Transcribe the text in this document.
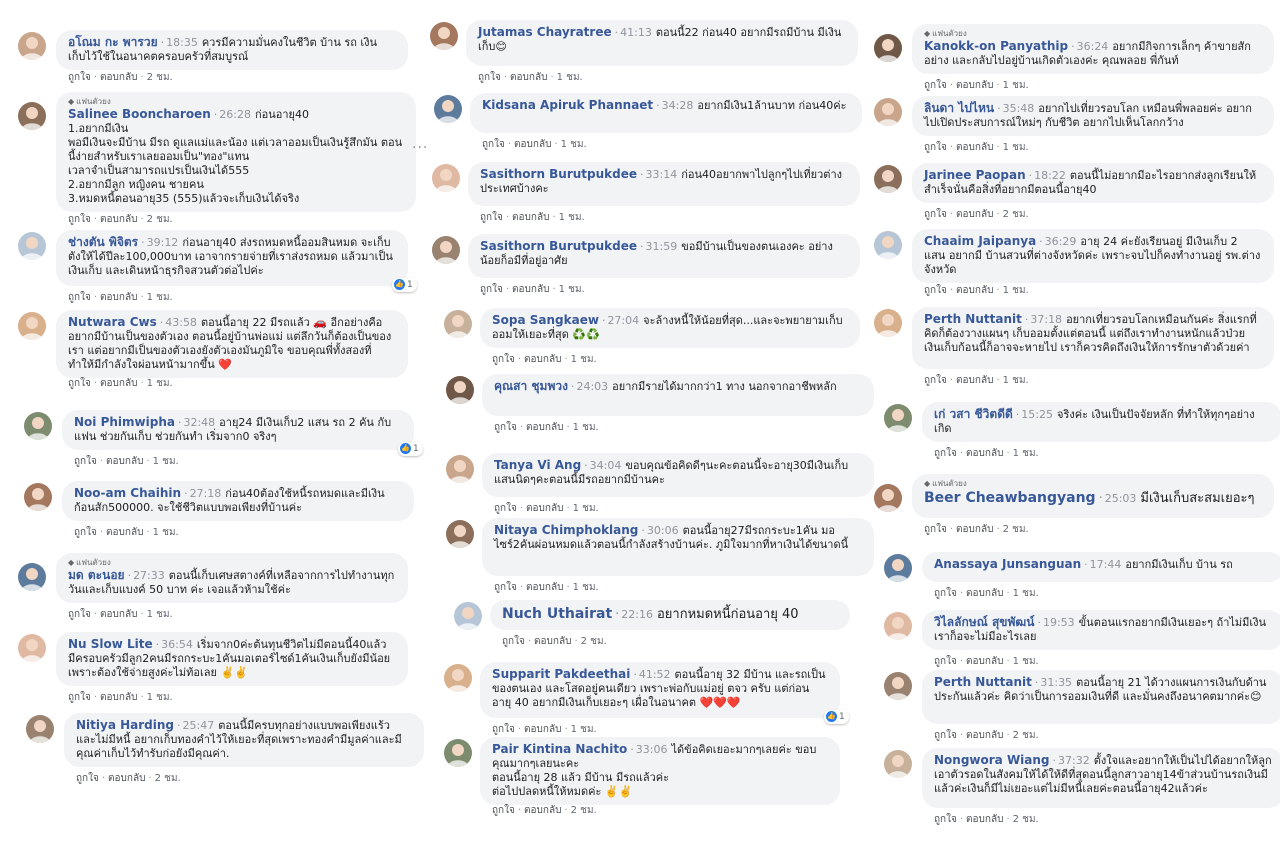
อโณม กะ พารวย · 18:35 ควรมีความมั่นคงในชีวิต บ้าน รถ เงิน เก็บไว้ใช้ในอนาคตครอบครัวที่สมบูรณ์
ถูกใจ · ตอบกลับ · 2 ชม.
◆ แฟนตัวยง
Salinee Booncharoen · 26:28 ก่อนอายุ40
1.อยากมีเงิน
พอมีเงินจะมีบ้าน มีรถ ดูแลแม่และน้อง แต่เวลาออมเป็นเงินรู้สึกมัน ตอนนี้ง่ายสำหรับเราเลยออมเป็น"ทอง"แทน
เวลาจำเป็นสามารถแปรเป็นเงินได้555
2.อยากมีลูก หญิงคน ชายคน
3.หมดหนี้ตอนอายุ35 (555)แล้วจะเก็บเงินได้จริง
ถูกใจ · ตอบกลับ · 2 ชม.
ช่างตัน พิจิตร · 39:12 ก่อนอายุ40 ส่งรถหมดหนี้ออมสินหมด จะเก็บตังให้ได้ปีละ100,000บาท เอาจากรายจ่ายที่เราส่งรถหมด แล้วมาเป็นเงินเก็บ และเดินหน้าธุรกิจสวนตัวต่อไปค่ะ
👍 1
ถูกใจ · ตอบกลับ · 1 ชม.
Nutwara Cws · 43:58 ตอนนี้อายุ 22 มีรถแล้ว 🚗 อีกอย่างคือ อยากมีบ้านเป็นของตัวเอง ตอนนี้อยู่บ้านพ่อแม่ แต่ลึกวันก็ต้องเป็นของเรา แต่อยากมีเป็นของตัวเองยังตัวเองมันภูมิใจ ขอบคุณพี่ทั้งสองที่ทำให้มีกำลังใจผ่อนหน้ามากขึ้น ❤️
ถูกใจ · ตอบกลับ · 1 ชม.
Noi Phimwipha · 32:48 อายุ24 มีเงินเก็บ2 แสน รถ 2 คัน กับแฟน ช่วยกันเก็บ ช่วยกันทำ เริ่มจาก0 จริงๆ
👍 1
ถูกใจ · ตอบกลับ · 1 ชม.
Noo-am Chaihin · 27:18 ก่อน40ต้องใช้หนี้รถหมดและมีเงินก้อนสัก500000. จะใช้ชีวิตแบบพอเพียงที่บ้านค่ะ
ถูกใจ · ตอบกลับ · 1 ชม.
◆ แฟนตัวยง
มด ตะนอย · 27:33 ตอนนี้เก็บเศษสตางค์ที่เหลือจากการไปทำงานทุกวันและเก็บแบงค์ 50 บาท ค่ะ เจอแล้วห้ามใช้ค่ะ
ถูกใจ · ตอบกลับ · 1 ชม.
Nu Slow Lite · 36:54 เริ่มจาก0ค่ะต้นทุนชีวิตไม่มีตอนนี้40แล้ว มีครอบครัวมีลูก2คนมีรถกระบะ1คันมอเตอร์ไซด์1คันเงินเก็บยังมีน้อย เพราะต้องใช้จ่ายสูงค่ะไม่ท้อเลย ✌️✌️
ถูกใจ · ตอบกลับ · 1 ชม.
Nitiya Harding · 25:47 ตอนนี้มีครบทุกอย่างแบบพอเพียงแร้ว และไม่มีหนี้ อยากเก็บทองคำไว้ให้เยอะที่สุดเพราะทองคำมีมูลค่าและมีคุณค่าเก็บไว้ทำรับก่อยังมีคุณค่า.
ถูกใจ · ตอบกลับ · 2 ชม.
Jutamas Chayratree · 41:13 ตอนนี้22 ก่อน40 อยากมีรถมีบ้าน มีเงินเก็บ😊
ถูกใจ · ตอบกลับ · 1 ชม.
Kidsana Apiruk Phannaet · 34:28 อยากมีเงิน1ล้านบาท ก่อน40ค่ะ
ถูกใจ · ตอบกลับ · 1 ชม.
Sasithorn Burutpukdee · 33:14 ก่อน40อยากพาไปลูกๆไปเที่ยวต่างประเทศบ้างคะ
ถูกใจ · ตอบกลับ · 1 ชม.
Sasithorn Burutpukdee · 31:59 ขอมีบ้านเป็นของตนเองคะ อย่างน้อยก็อมีที่อยู่อาศัย
ถูกใจ · ตอบกลับ · 1 ชม.
Sopa Sangkaew · 27:04 จะล้างหนี้ให้น้อยที่สุด...และจะพยายามเก็บออมให้เยอะที่สุด ♻️♻️
ถูกใจ · ตอบกลับ · 1 ชม.
คุณสา ชุมพวง · 24:03 อยากมีรายได้มากกว่า1 ทาง นอกจากอาชีพหลัก
ถูกใจ · ตอบกลับ · 1 ชม.
Tanya Vi Ang · 34:04 ขอบคุณข้อคิดดีๆนะคะตอนนี้จะอายุ30มีเงินเก็บแสนนิดๆคะตอนนี้มีรถอยากมีบ้านคะ
ถูกใจ · ตอบกลับ · 1 ชม.
Nitaya Chimphoklang · 30:06 ตอนนี้อายุ27มีรถกระบะ1คัน มอไซร์2คันผ่อนหมดแล้วตอนนี้กำลังสร้างบ้านค่ะ. ภูมิใจมากที่หาเงินได้ขนาดนี้
ถูกใจ · ตอบกลับ · 1 ชม.
Nuch Uthairat · 22:16 อยากหมดหนี้ก่อนอายุ 40
ถูกใจ · ตอบกลับ · 2 ชม.
Supparit Pakdeethai · 41:52 ตอนนี้อายุ 32 มีบ้าน และรถเป็นของตนเอง และโสดอยู่คนเดียว เพราะพ่อกับแม่อยู่ ตจว ครับ แต่ก่อนอายุ 40 อยากมีเงินเก็บเยอะๆ เผื่อในอนาคต ❤️❤️❤️
👍 1
ถูกใจ · ตอบกลับ · 1 ชม.
Pair Kintina Nachito · 33:06 ได้ข้อคิดเยอะมากๆเลยค่ะ ขอบคุณมากๆเลยนะคะ
ตอนนี้อายุ 28 แล้ว มีบ้าน มีรถแล้วค่ะ
ต่อไปปลดหนี้ให้หมดค่ะ ✌️✌️
ถูกใจ · ตอบกลับ · 2 ชม.
◆ แฟนตัวยง
Kanokk-on Panyathip · 36:24 อยากมีกิจการเล็กๆ ค้าขายสักอย่าง และกลับไปอยู่บ้านเกิดตัวเองค่ะ คุณพลอย พี่กันท์
ถูกใจ · ตอบกลับ · 1 ชม.
ลินดา ไปไหน · 35:48 อยากไปเที่ยวรอบโลก เหมือนพี่พลอยค่ะ อยากไปเปิดประสบการณ์ใหม่ๆ กับชีวิต อยากไปเห็นโลกกว้าง
ถูกใจ · ตอบกลับ · 1 ชม.
Jarinee Paopan · 18:22 ตอนนี้ไม่อยากมีอะไรอยากส่งลูกเรียนให้สำเร็จนั่นคือสิ่งที่อยากมีตอนนี้อายุ40
ถูกใจ · ตอบกลับ · 2 ชม.
Chaaim Jaipanya · 36:29 อายุ 24 ค่ะยังเรียนอยู่ มีเงินเก็บ 2 แสน อยากมี บ้านสวนที่ต่างจังหวัดค่ะ เพราะจบไปก็คงทำงานอยู่ รพ.ต่างจังหวัด
ถูกใจ · ตอบกลับ · 1 ชม.
Perth Nuttanit · 37:18 อยากเที่ยวรอบโลกเหมือนกันค่ะ สิ่งแรกที่คิดก็ต้องวางแผนๆ เก็บออมตั้งแต่ตอนนี้ แต่ถึงเราทำงานหนักแล้วป่วย เงินเก็บก้อนนี้ก็อาจจะหายไป เราก็ควรคิดถึงเงินให้การรักษาตัวด้วยค่า
ถูกใจ · ตอบกลับ · 1 ชม.
เก่ วสา ชีวิตดีดี · 15:25 จริงค่ะ เงินเป็นปัจจัยหลัก ที่ทำให้ทุกๆอย่างเกิด
ถูกใจ · ตอบกลับ · 1 ชม.
◆ แฟนตัวยง
Beer Cheawbangyang · 25:03 มีเงินเก็บสะสมเยอะๆ
ถูกใจ · ตอบกลับ · 2 ชม.
Anassaya Junsanguan · 17:44 อยากมีเงินเก็บ บ้าน รถ
ถูกใจ · ตอบกลับ · 1 ชม.
วิไลลักษณ์ สุขพัฒน์ · 19:53 ขั้นตอนแรกอยากมีเงินเยอะๆ ถ้าไม่มีเงินเราก็อจะไม่มีอะไรเลย
ถูกใจ · ตอบกลับ · 1 ชม.
Perth Nuttanit · 31:35 ตอนนี้อายุ 21 ได้วางแผนการเงินกับด้านประกันแล้วค่ะ คิดว่าเป็นการออมเงินที่ดี และมั่นคงถึงอนาคตมากค่ะ😊
ถูกใจ · ตอบกลับ · 2 ชม.
Nongwora Wiang · 37:32 ตั้งใจและอยากให้เป็นไปได้อยากให้ลูกเอาตัวรอดในสังคมให้ได้ให้ดีที่สุดอนนี้ลูกสาวอายุ14ข้าส่วนบ้านรถเงินมีแล้วค่ะเงินก็มีไม่เยอะแต่ไม่มีหนี้เลยค่ะตอนนี้อายุ42แล้วค่ะ
ถูกใจ · ตอบกลับ · 2 ชม.
···
